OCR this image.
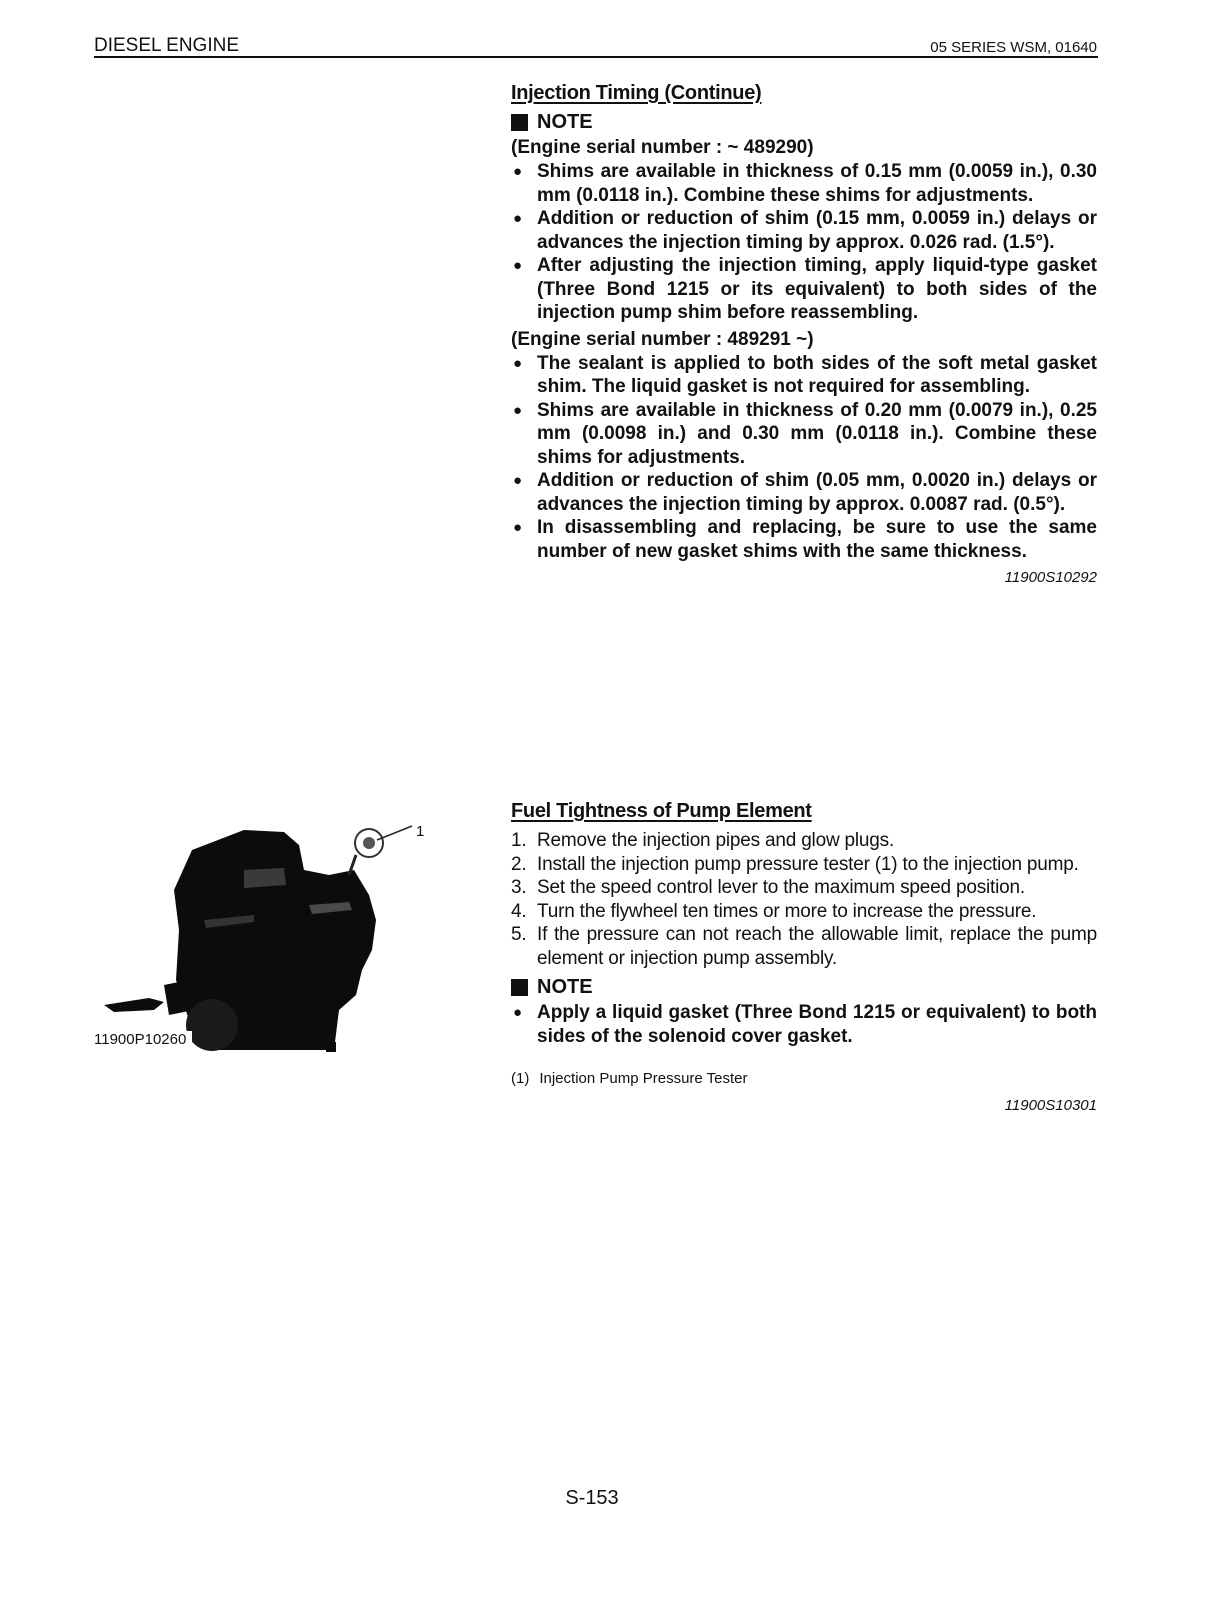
DIESEL ENGINE	05 SERIES WSM, 01640
Injection Timing (Continue)
NOTE
(Engine serial number : ~ 489290)
● Shims are available in thickness of 0.15 mm (0.0059 in.), 0.30 mm (0.0118 in.). Combine these shims for adjustments.
● Addition or reduction of shim (0.15 mm, 0.0059 in.) delays or advances the injection timing by approx. 0.026 rad. (1.5°).
● After adjusting the injection timing, apply liquid-type gasket (Three Bond 1215 or its equivalent) to both sides of the injection pump shim before reassembling.
(Engine serial number : 489291 ~)
● The sealant is applied to both sides of the soft metal gasket shim. The liquid gasket is not required for assembling.
● Shims are available in thickness of 0.20 mm (0.0079 in.), 0.25 mm (0.0098 in.) and 0.30 mm (0.0118 in.). Combine these shims for adjustments.
● Addition or reduction of shim (0.05 mm, 0.0020 in.) delays or advances the injection timing by approx. 0.0087 rad. (0.5°).
● In disassembling and replacing, be sure to use the same number of new gasket shims with the same thickness.
11900S10292
1
11900P10260
Fuel Tightness of Pump Element
1. Remove the injection pipes and glow plugs.
2. Install the injection pump pressure tester (1) to the injection pump.
3. Set the speed control lever to the maximum speed position.
4. Turn the flywheel ten times or more to increase the pressure.
5. If the pressure can not reach the allowable limit, replace the pump element or injection pump assembly.
NOTE
● Apply a liquid gasket (Three Bond 1215 or equivalent) to both sides of the solenoid cover gasket.
(1) Injection Pump Pressure Tester
11900S10301
S-153
